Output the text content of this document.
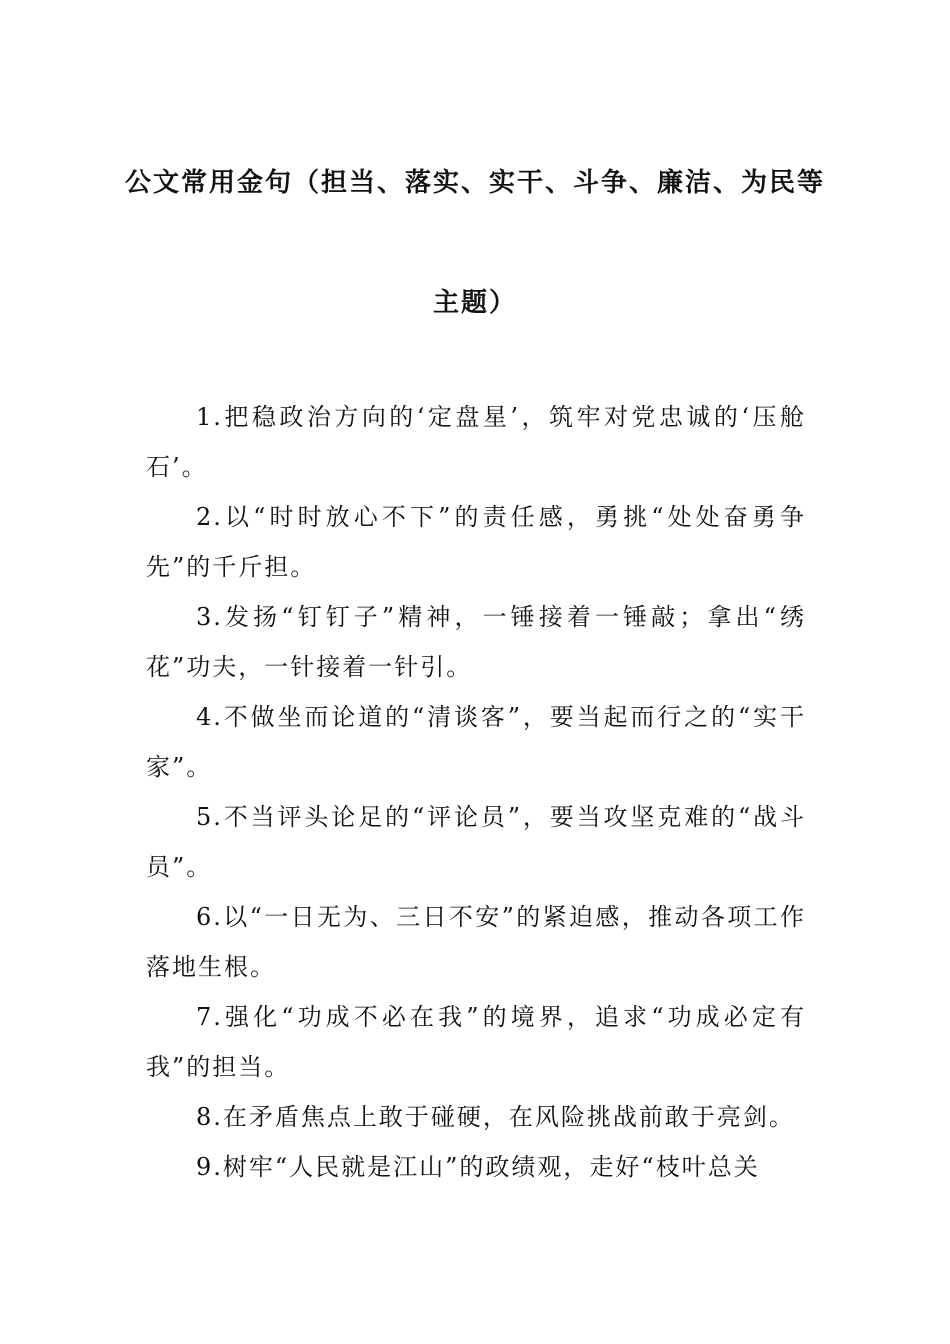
公文常用金句（担当、落实、实干、斗争、廉洁、为民等
主题）

1.把稳政治方向的‘定盘星’，筑牢对党忠诚的‘压舱石’。

2.以“时时放心不下”的责任感，勇挑“处处奋勇争先”的千斤担。

3.发扬“钉钉子”精神，一锤接着一锤敲；拿出“绣花”功夫，一针接着一针引。

4.不做坐而论道的“清谈客”，要当起而行之的“实干家”。

5.不当评头论足的“评论员”，要当攻坚克难的“战斗员”。

6.以“一日无为、三日不安”的紧迫感，推动各项工作落地生根。

7.强化“功成不必在我”的境界，追求“功成必定有我”的担当。

8.在矛盾焦点上敢于碰硬，在风险挑战前敢于亮剑。

9.树牢“人民就是江山”的政绩观，走好“枝叶总关
